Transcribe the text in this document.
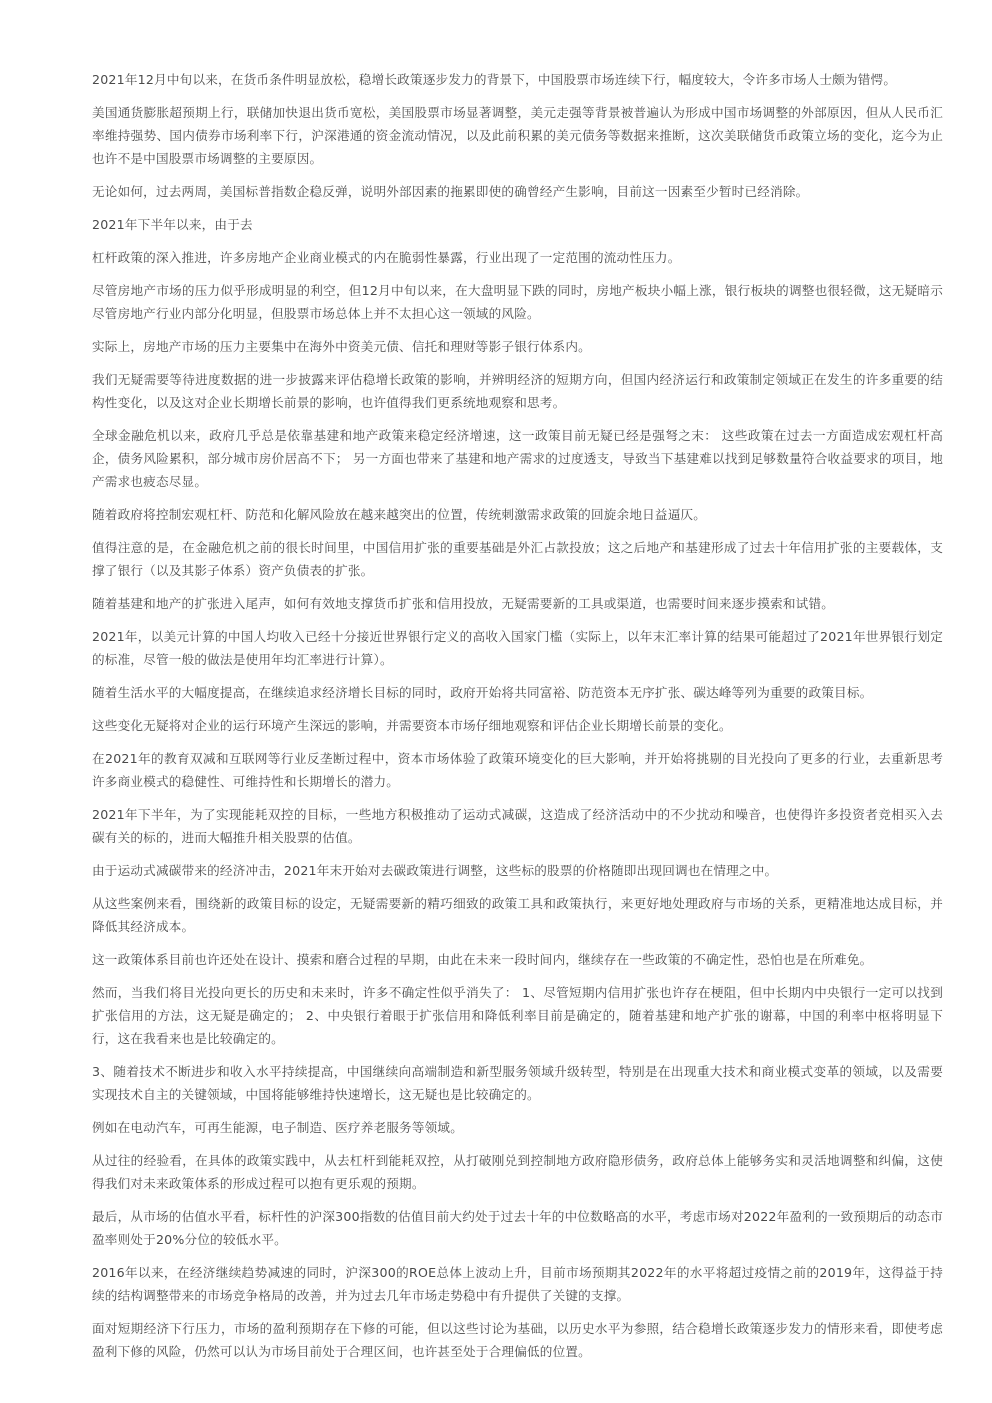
2021年12月中旬以来，在货币条件明显放松，稳增长政策逐步发力的背景下，中国股票市场连续下行，幅度较大，令许多市场人士颇为错愕。

美国通货膨胀超预期上行，联储加快退出货币宽松，美国股票市场显著调整，美元走强等背景被普遍认为形成中国市场调整的外部原因，但从人民币汇率维持强势、国内债券市场利率下行，沪深港通的资金流动情况，以及此前积累的美元债务等数据来推断，这次美联储货币政策立场的变化，迄今为止也许不是中国股票市场调整的主要原因。

无论如何，过去两周，美国标普指数企稳反弹，说明外部因素的拖累即使的确曾经产生影响，目前这一因素至少暂时已经消除。

2021年下半年以来，由于去

杠杆政策的深入推进，许多房地产企业商业模式的内在脆弱性暴露，行业出现了一定范围的流动性压力。

尽管房地产市场的压力似乎形成明显的利空，但12月中旬以来，在大盘明显下跌的同时，房地产板块小幅上涨，银行板块的调整也很轻微，这无疑暗示尽管房地产行业内部分化明显，但股票市场总体上并不太担心这一领域的风险。

实际上，房地产市场的压力主要集中在海外中资美元债、信托和理财等影子银行体系内。

我们无疑需要等待进度数据的进一步披露来评估稳增长政策的影响，并辨明经济的短期方向，但国内经济运行和政策制定领域正在发生的许多重要的结构性变化，以及这对企业长期增长前景的影响，也许值得我们更系统地观察和思考。

全球金融危机以来，政府几乎总是依靠基建和地产政策来稳定经济增速，这一政策目前无疑已经是强弩之末： 这些政策在过去一方面造成宏观杠杆高企，债务风险累积，部分城市房价居高不下； 另一方面也带来了基建和地产需求的过度透支，导致当下基建难以找到足够数量符合收益要求的项目，地产需求也疲态尽显。

随着政府将控制宏观杠杆、防范和化解风险放在越来越突出的位置，传统刺激需求政策的回旋余地日益逼仄。

值得注意的是，在金融危机之前的很长时间里，中国信用扩张的重要基础是外汇占款投放；这之后地产和基建形成了过去十年信用扩张的主要载体，支撑了银行（以及其影子体系）资产负债表的扩张。

随着基建和地产的扩张进入尾声，如何有效地支撑货币扩张和信用投放，无疑需要新的工具或渠道，也需要时间来逐步摸索和试错。

2021年，以美元计算的中国人均收入已经十分接近世界银行定义的高收入国家门槛（实际上，以年末汇率计算的结果可能超过了2021年世界银行划定的标准，尽管一般的做法是使用年均汇率进行计算）。

随着生活水平的大幅度提高，在继续追求经济增长目标的同时，政府开始将共同富裕、防范资本无序扩张、碳达峰等列为重要的政策目标。

这些变化无疑将对企业的运行环境产生深远的影响，并需要资本市场仔细地观察和评估企业长期增长前景的变化。

在2021年的教育双减和互联网等行业反垄断过程中，资本市场体验了政策环境变化的巨大影响，并开始将挑剔的目光投向了更多的行业，去重新思考许多商业模式的稳健性、可维持性和长期增长的潜力。

2021年下半年，为了实现能耗双控的目标，一些地方积极推动了运动式减碳，这造成了经济活动中的不少扰动和噪音，也使得许多投资者竞相买入去碳有关的标的，进而大幅推升相关股票的估值。

由于运动式减碳带来的经济冲击，2021年末开始对去碳政策进行调整，这些标的股票的价格随即出现回调也在情理之中。

从这些案例来看，围绕新的政策目标的设定，无疑需要新的精巧细致的政策工具和政策执行，来更好地处理政府与市场的关系，更精准地达成目标，并降低其经济成本。

这一政策体系目前也许还处在设计、摸索和磨合过程的早期，由此在未来一段时间内，继续存在一些政策的不确定性，恐怕也是在所难免。

然而，当我们将目光投向更长的历史和未来时，许多不确定性似乎消失了： 1、尽管短期内信用扩张也许存在梗阻，但中长期内中央银行一定可以找到扩张信用的方法，这无疑是确定的； 2、中央银行着眼于扩张信用和降低利率目前是确定的，随着基建和地产扩张的谢幕，中国的利率中枢将明显下行，这在我看来也是比较确定的。

3、随着技术不断进步和收入水平持续提高，中国继续向高端制造和新型服务领域升级转型，特别是在出现重大技术和商业模式变革的领域，以及需要实现技术自主的关键领域，中国将能够维持快速增长，这无疑也是比较确定的。

例如在电动汽车，可再生能源，电子制造、医疗养老服务等领域。

从过往的经验看，在具体的政策实践中，从去杠杆到能耗双控，从打破刚兑到控制地方政府隐形债务，政府总体上能够务实和灵活地调整和纠偏，这使得我们对未来政策体系的形成过程可以抱有更乐观的预期。

最后，从市场的估值水平看，标杆性的沪深300指数的估值目前大约处于过去十年的中位数略高的水平，考虑市场对2022年盈利的一致预期后的动态市盈率则处于20%分位的较低水平。

2016年以来，在经济继续趋势减速的同时，沪深300的ROE总体上波动上升，目前市场预期其2022年的水平将超过疫情之前的2019年，这得益于持续的结构调整带来的市场竞争格局的改善，并为过去几年市场走势稳中有升提供了关键的支撑。

面对短期经济下行压力，市场的盈利预期存在下修的可能，但以这些讨论为基础，以历史水平为参照，结合稳增长政策逐步发力的情形来看，即使考虑盈利下修的风险，仍然可以认为市场目前处于合理区间，也许甚至处于合理偏低的位置。
